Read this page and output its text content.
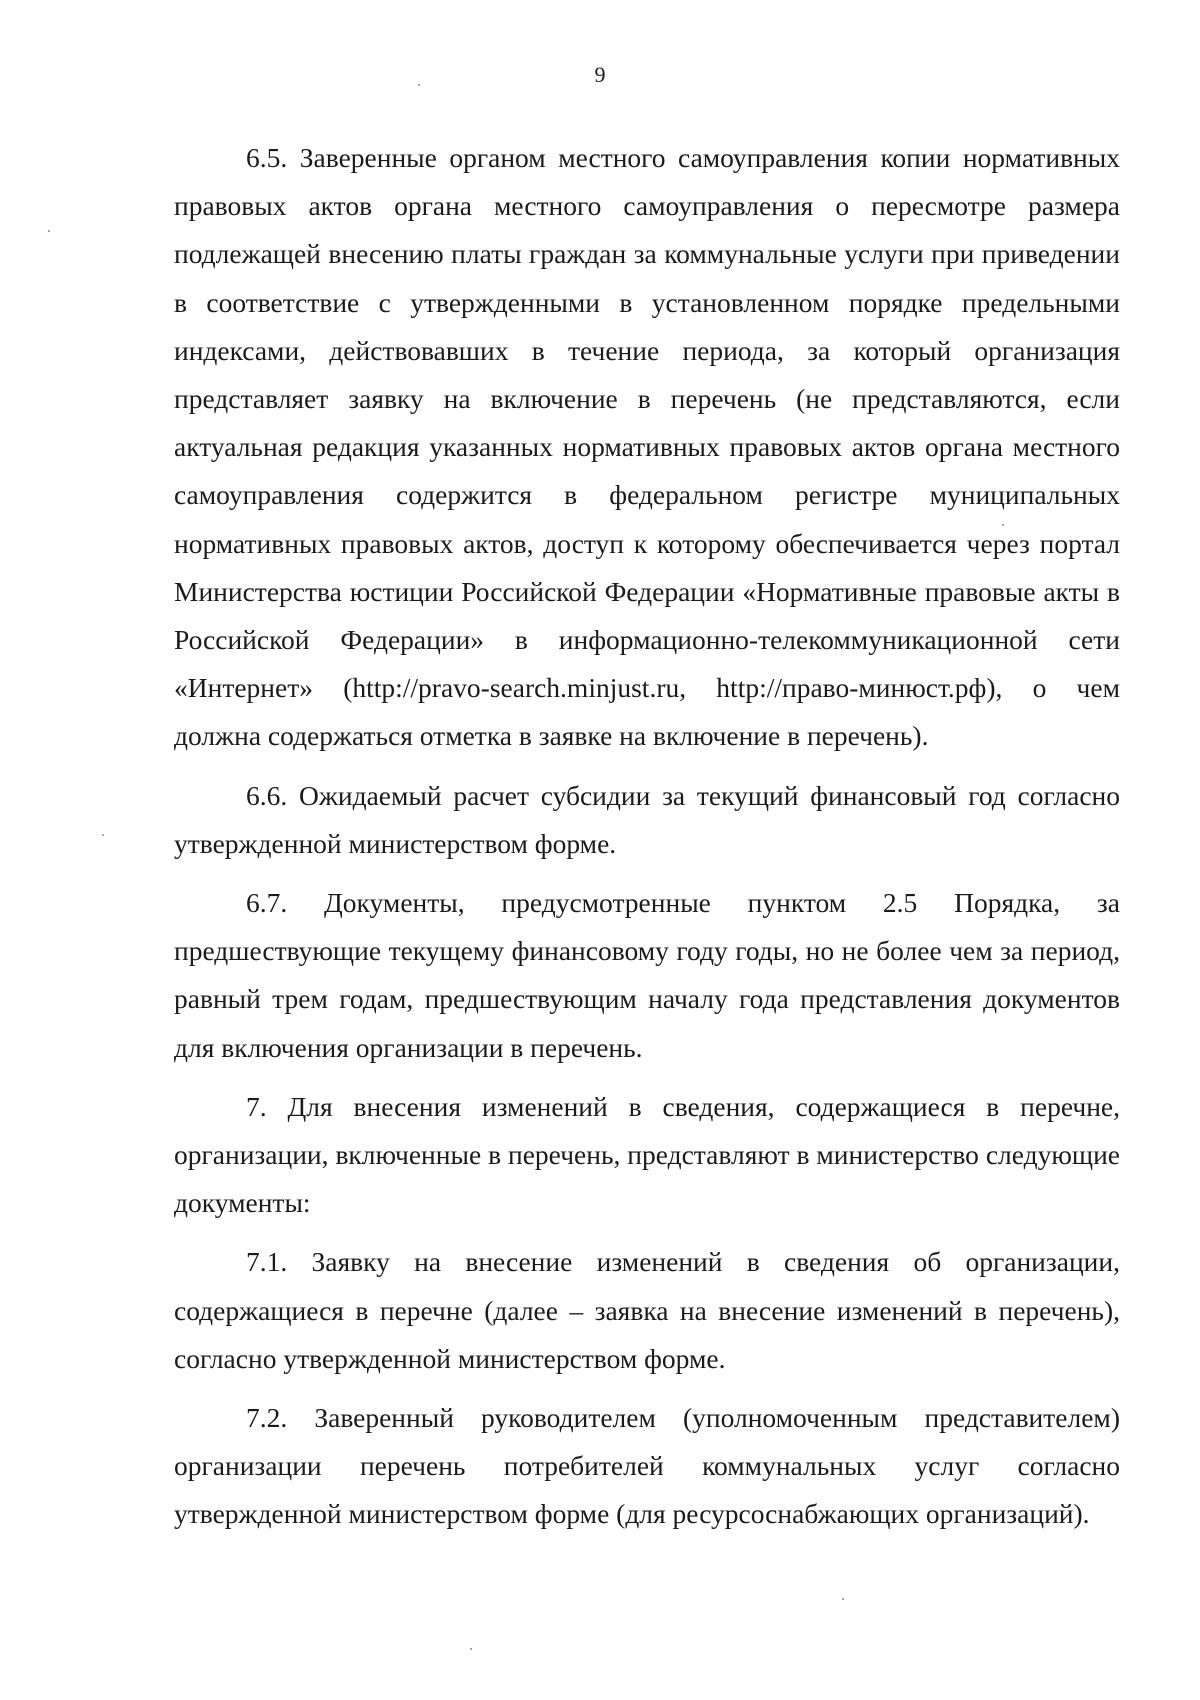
9

6.5. Заверенные органом местного самоуправления копии нормативных правовых актов органа местного самоуправления о пересмотре размера подлежащей внесению платы граждан за коммунальные услуги при приведении в соответствие с утвержденными в установленном порядке предельными индексами, действовавших в течение периода, за который организация представляет заявку на включение в перечень (не представляются, если актуальная редакция указанных нормативных правовых актов органа местного самоуправления содержится в федеральном регистре муниципальных нормативных правовых актов, доступ к которому обеспечивается через портал Министерства юстиции Российской Федерации «Нормативные правовые акты в Российской Федерации» в информационно-телекоммуникационной сети «Интернет» (http://pravo-search.minjust.ru, http://право-минюст.рф), о чем должна содержаться отметка в заявке на включение в перечень).

6.6. Ожидаемый расчет субсидии за текущий финансовый год согласно утвержденной министерством форме.

6.7. Документы, предусмотренные пунктом 2.5 Порядка, за предшествующие текущему финансовому году годы, но не более чем за период, равный трем годам, предшествующим началу года представления документов для включения организации в перечень.

7. Для внесения изменений в сведения, содержащиеся в перечне, организации, включенные в перечень, представляют в министерство следующие документы:

7.1. Заявку на внесение изменений в сведения об организации, содержащиеся в перечне (далее – заявка на внесение изменений в перечень), согласно утвержденной министерством форме.

7.2. Заверенный руководителем (уполномоченным представителем) организации перечень потребителей коммунальных услуг согласно утвержденной министерством форме (для ресурсоснабжающих организаций).
